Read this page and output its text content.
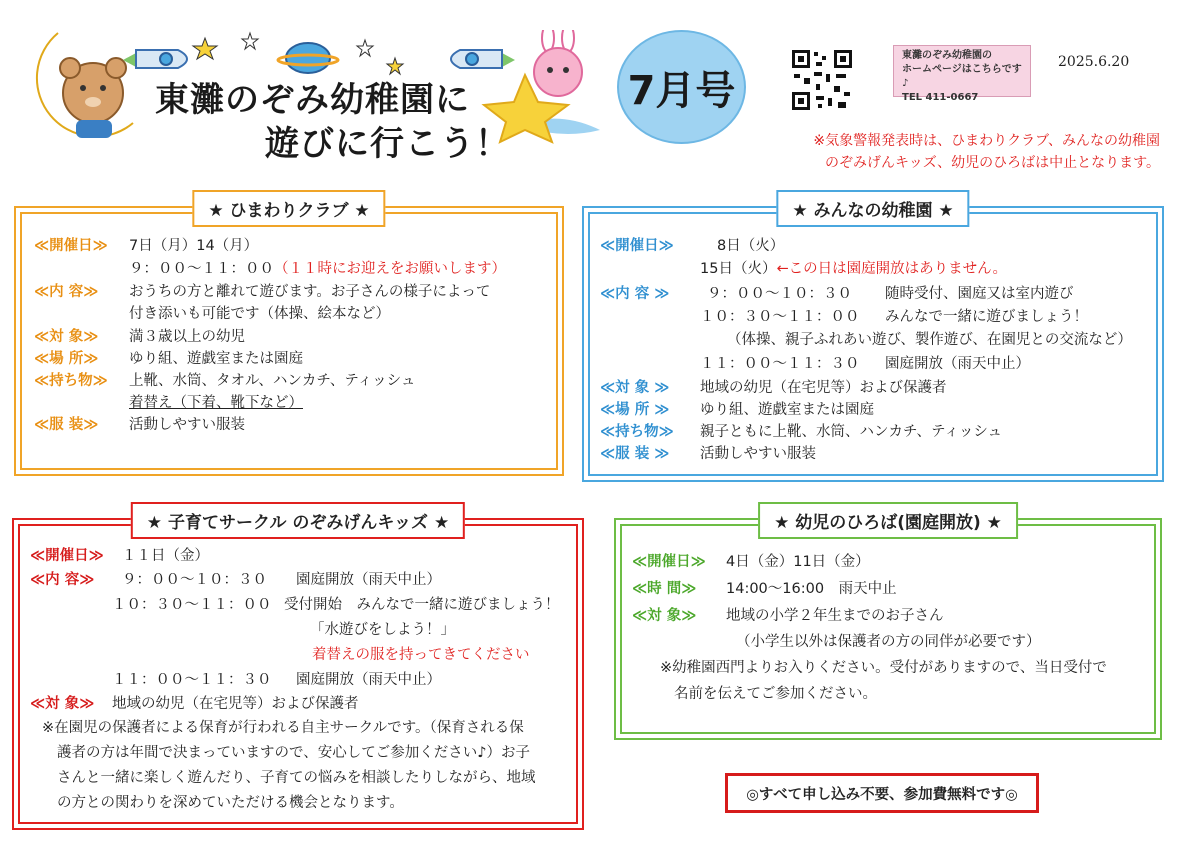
東灘のぞみ幼稚園に
遊びに行こう！
7月号
東灘のぞみ幼稚園の
ホームページはこちらです♪
TEL 411-0667
2025.6.20
※気象警報発表時は、ひまわりクラブ、みんなの幼稚園
のぞみげんキッズ、幼児のひろばは中止となります。
★ ひまわりクラブ ★
≪開催日≫ 7日（月）14（月）
９：００～１１：００（１１時にお迎えをお願いします）
≪内 容≫ おうちの方と離れて遊びます。お子さんの様子によって
付き添いも可能です（体操、絵本など）
≪対 象≫ 満３歳以上の幼児
≪場 所≫ ゆり組、遊戯室または園庭
≪持ち物≫ 上靴、水筒、タオル、ハンカチ、ティッシュ
着替え（下着、靴下など）
≪服 装≫ 活動しやすい服装
★ みんなの幼稚園 ★
≪開催日≫	8日（火）
15日（火）←この日は園庭開放はありません。
≪内 容 ≫	９：００～１０：３０ 随時受付、園庭又は室内遊び
１０：３０～１１：００ みんなで一緒に遊びましょう！
（体操、親子ふれあい遊び、製作遊び、在園児との交流など）
１１：００～１１：３０ 園庭開放（雨天中止）
≪対 象 ≫ 地域の幼児（在宅児等）および保護者
≪場 所 ≫ ゆり組、遊戯室または園庭
≪持ち物≫ 親子ともに上靴、水筒、ハンカチ、ティッシュ
≪服 装 ≫ 活動しやすい服装
★ 子育てサークル のぞみげんキッズ ★
≪開催日≫ １１日（金）
≪内 容≫ ９：００～１０：３０ 園庭開放（雨天中止）
１０：３０～１１：００ 受付開始　みんなで一緒に遊びましょう！
「水遊びをしよう！」
着替えの服を持ってきてください
１１：００～１１：３０ 園庭開放（雨天中止）
≪対 象≫ 地域の幼児（在宅児等）および保護者
※在園児の保護者による保育が行われる自主サークルです。（保育される保
護者の方は年間で決まっていますので、安心してご参加ください♪）お子
さんと一緒に楽しく遊んだり、子育ての悩みを相談したりしながら、地域
の方との関わりを深めていただける機会となります。
★ 幼児のひろば(園庭開放) ★
≪開催日≫ 4日（金）11日（金）
≪時 間≫ 14:00～16:00　雨天中止
≪対 象≫ 地域の小学２年生までのお子さん
（小学生以外は保護者の方の同伴が必要です）
※幼稚園西門よりお入りください。受付がありますので、当日受付で
名前を伝えてご参加ください。
◎すべて申し込み不要、参加費無料です◎
